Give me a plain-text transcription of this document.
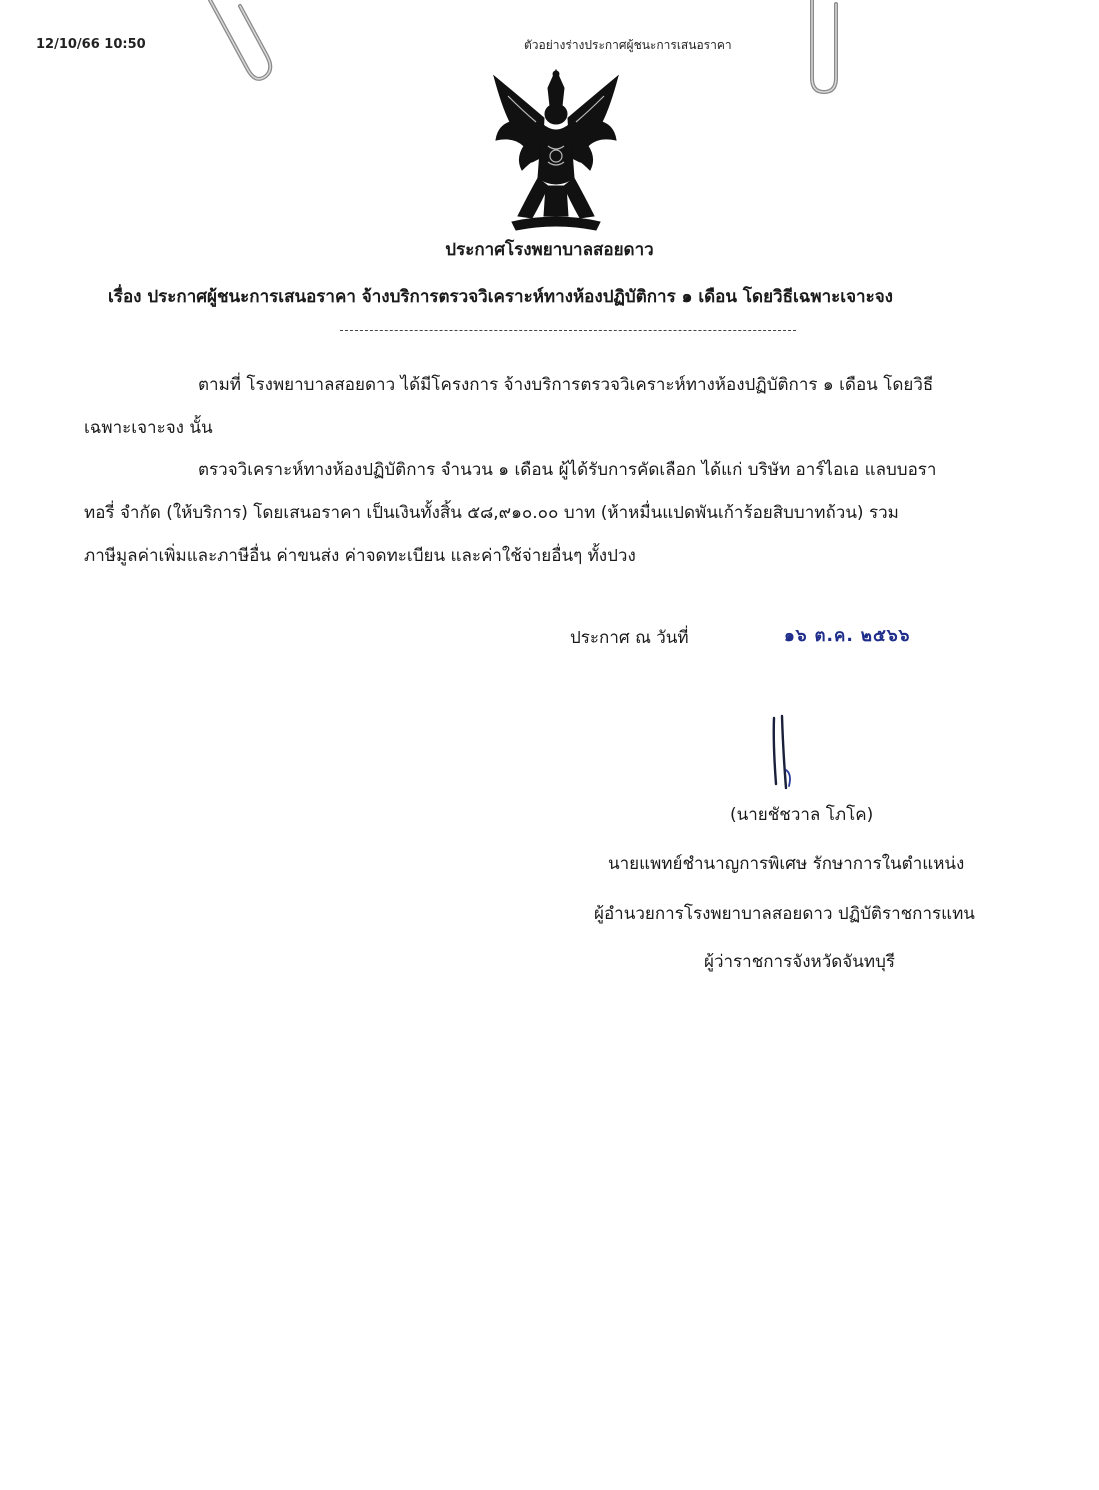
12/10/66 10:50	ตัวอย่างร่างประกาศผู้ชนะการเสนอราคา
ประกาศโรงพยาบาลสอยดาว
เรื่อง ประกาศผู้ชนะการเสนอราคา จ้างบริการตรวจวิเคราะห์ทางห้องปฏิบัติการ ๑ เดือน โดยวิธีเฉพาะเจาะจง
ตามที่ โรงพยาบาลสอยดาว ได้มีโครงการ จ้างบริการตรวจวิเคราะห์ทางห้องปฏิบัติการ ๑ เดือน โดยวิธี
เฉพาะเจาะจง นั้น
ตรวจวิเคราะห์ทางห้องปฏิบัติการ จำนวน ๑ เดือน ผู้ได้รับการคัดเลือก ได้แก่ บริษัท อาร์ไอเอ แลบบอรา
ทอรี่ จำกัด (ให้บริการ) โดยเสนอราคา เป็นเงินทั้งสิ้น ๕๘,๙๑๐.๐๐ บาท (ห้าหมื่นแปดพันเก้าร้อยสิบบาทถ้วน) รวม
ภาษีมูลค่าเพิ่มและภาษีอื่น ค่าขนส่ง ค่าจดทะเบียน และค่าใช้จ่ายอื่นๆ ทั้งปวง
ประกาศ ณ วันที่	๑๖ ต.ค. ๒๕๖๖
(นายชัชวาล โภโค)
นายแพทย์ชำนาญการพิเศษ รักษาการในตำแหน่ง
ผู้อำนวยการโรงพยาบาลสอยดาว ปฏิบัติราชการแทน
ผู้ว่าราชการจังหวัดจันทบุรี
